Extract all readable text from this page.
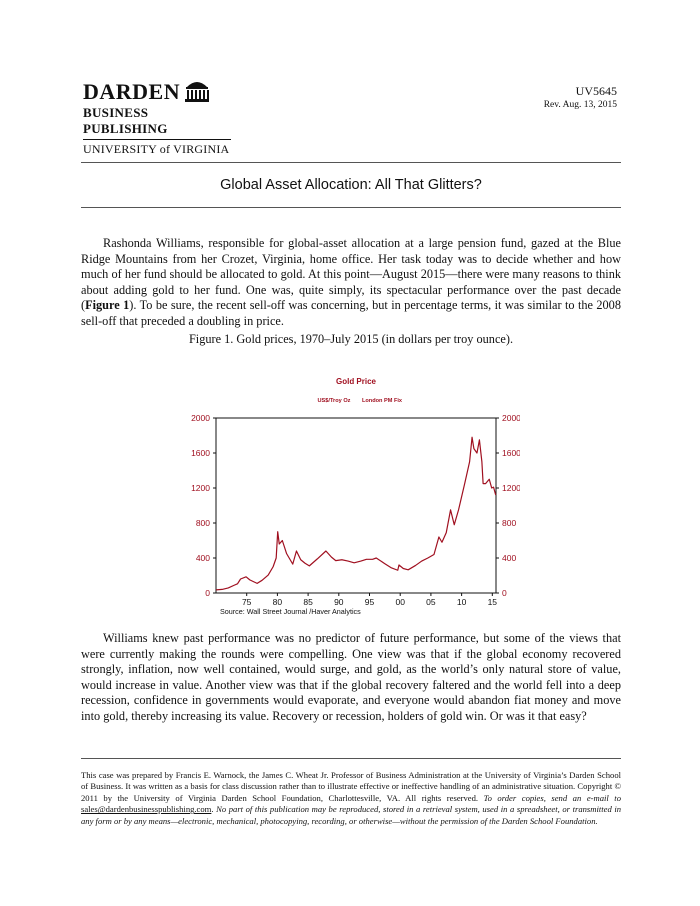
DARDEN
BUSINESS PUBLISHING
UNIVERSITY of VIRGINIA
UV5645
Rev. Aug. 13, 2015
Global Asset Allocation: All That Glitters?

Rashonda Williams, responsible for global-asset allocation at a large pension fund, gazed at the Blue Ridge Mountains from her Crozet, Virginia, home office. Her task today was to decide whether and how much of her fund should be allocated to gold. At this point—August 2015—there were many reasons to think about adding gold to her fund. One was, quite simply, its spectacular performance over the past decade (Figure 1). To be sure, the recent sell-off was concerning, but in percentage terms, it was similar to the 2008 sell-off that preceded a doubling in price.

Figure 1. Gold prices, 1970–July 2015 (in dollars per troy ounce).
Gold Price
US$/Troy Oz London PM Fix
0
400
800
1200
1600
2000
0
400
800
1200
1600
2000
75 80 85 90 95 00 05 10 15
Source: Wall Street Journal /Haver Analytics

Williams knew past performance was no predictor of future performance, but some of the views that were currently making the rounds were compelling. One view was that if the global economy recovered strongly, inflation, now well contained, would surge, and gold, as the world’s only natural store of value, would increase in value. Another view was that if the global recovery faltered and the world fell into a deep recession, confidence in governments would evaporate, and everyone would abandon fiat money and move into gold, thereby increasing its value. Recovery or recession, holders of gold win. Or was it that easy?

This case was prepared by Francis E. Warnock, the James C. Wheat Jr. Professor of Business Administration at the University of Virginia’s Darden School of Business. It was written as a basis for class discussion rather than to illustrate effective or ineffective handling of an administrative situation. Copyright © 2011 by the University of Virginia Darden School Foundation, Charlottesville, VA. All rights reserved. To order copies, send an e-mail to sales@dardenbusinesspublishing.com. No part of this publication may be reproduced, stored in a retrieval system, used in a spreadsheet, or transmitted in any form or by any means—electronic, mechanical, photocopying, recording, or otherwise—without the permission of the Darden School Foundation.
